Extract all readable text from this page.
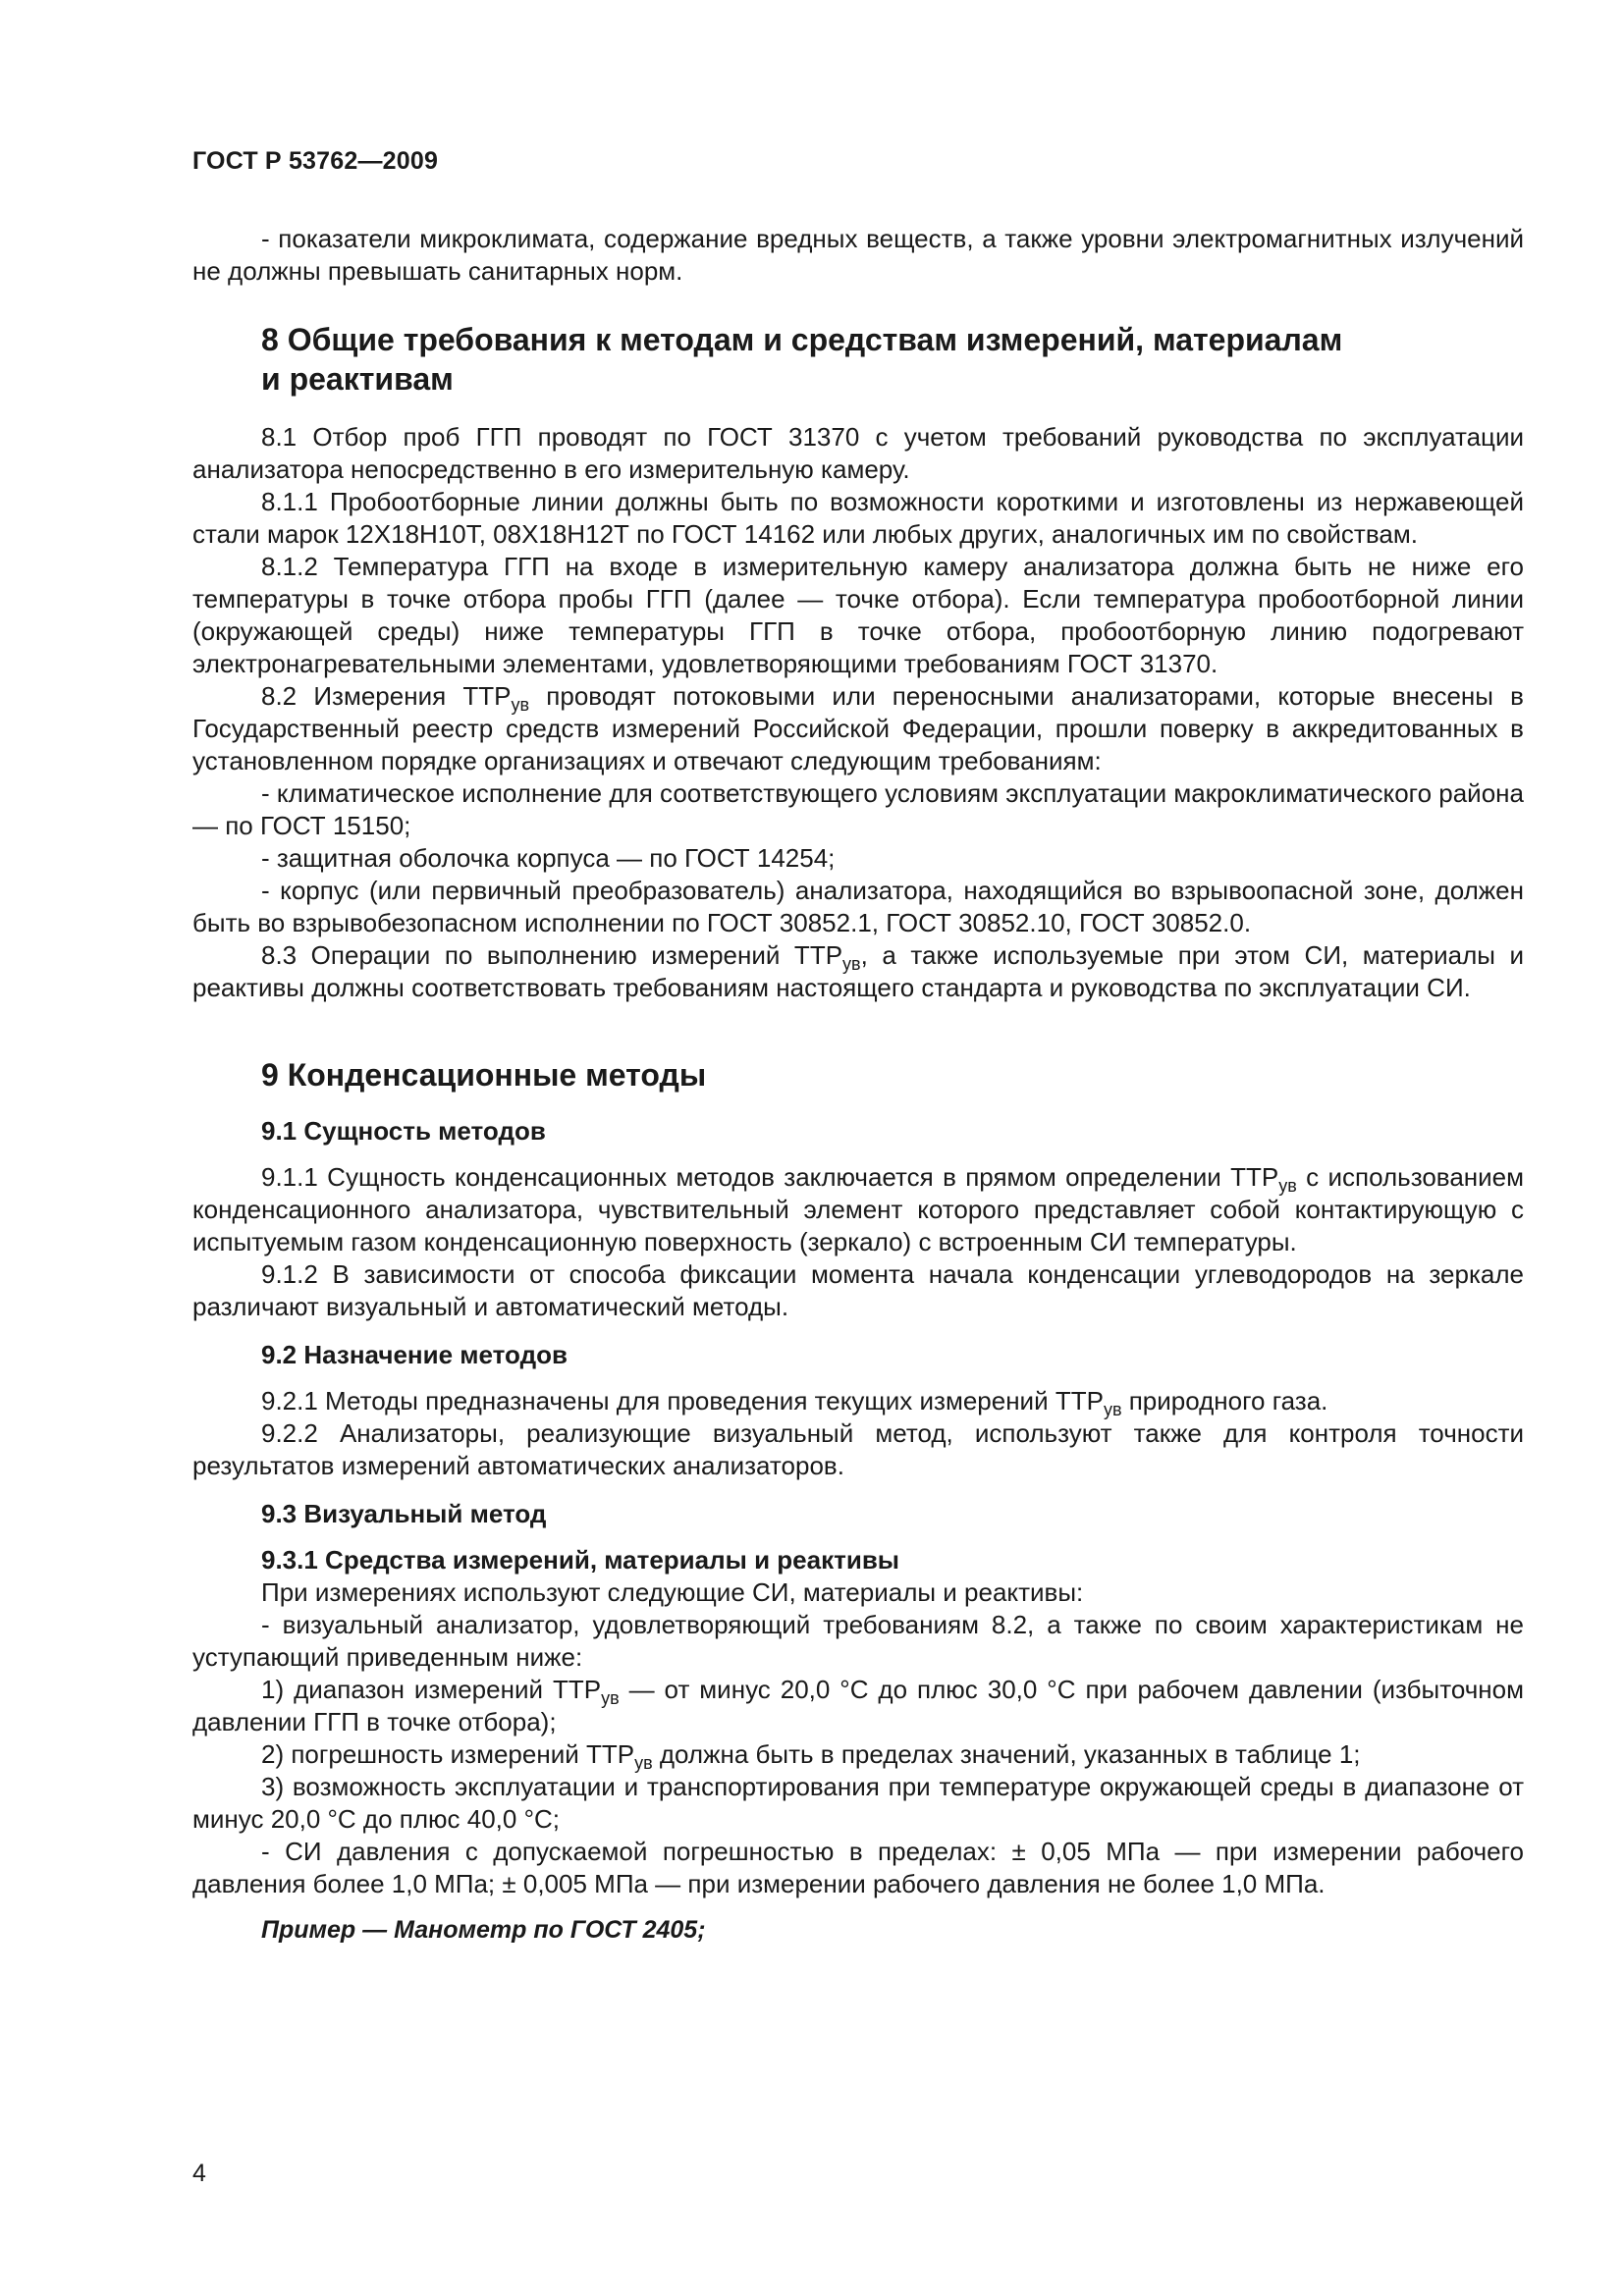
ГОСТ Р 53762—2009

- показатели микроклимата, содержание вредных веществ, а также уровни электромагнитных излучений не должны превышать санитарных норм.

8 Общие требования к методам и средствам измерений, материалам
и реактивам

8.1 Отбор проб ГГП проводят по ГОСТ 31370 с учетом требований руководства по эксплуатации анализатора непосредственно в его измерительную камеру.

8.1.1 Пробоотборные линии должны быть по возможности короткими и изготовлены из нержавеющей стали марок 12Х18Н10Т, 08Х18Н12Т по ГОСТ 14162 или любых других, аналогичных им по свойствам.

8.1.2 Температура ГГП на входе в измерительную камеру анализатора должна быть не ниже его температуры в точке отбора пробы ГГП (далее — точке отбора). Если температура пробоотборной линии (окружающей среды) ниже температуры ГГП в точке отбора, пробоотборную линию подогревают электронагревательными элементами, удовлетворяющими требованиям ГОСТ 31370.

8.2 Измерения $ТТР_{ув}$ проводят потоковыми или переносными анализаторами, которые внесены в Государственный реестр средств измерений Российской Федерации, прошли поверку в аккредитованных в установленном порядке организациях и отвечают следующим требованиям:

- климатическое исполнение для соответствующего условиям эксплуатации макроклиматического района — по ГОСТ 15150;

- защитная оболочка корпуса — по ГОСТ 14254;

- корпус (или первичный преобразователь) анализатора, находящийся во взрывоопасной зоне, должен быть во взрывобезопасном исполнении по ГОСТ 30852.1, ГОСТ 30852.10, ГОСТ 30852.0.

8.3 Операции по выполнению измерений $ТТР_{ув}$, а также используемые при этом СИ, материалы и реактивы должны соответствовать требованиям настоящего стандарта и руководства по эксплуатации СИ.

9 Конденсационные методы
9.1 Сущность методов

9.1.1 Сущность конденсационных методов заключается в прямом определении $ТТР_{ув}$ с использованием конденсационного анализатора, чувствительный элемент которого представляет собой контактирующую с испытуемым газом конденсационную поверхность (зеркало) с встроенным СИ температуры.

9.1.2 В зависимости от способа фиксации момента начала конденсации углеводородов на зеркале различают визуальный и автоматический методы.

9.2 Назначение методов

9.2.1 Методы предназначены для проведения текущих измерений $ТТР_{ув}$ природного газа.

9.2.2 Анализаторы, реализующие визуальный метод, используют также для контроля точности результатов измерений автоматических анализаторов.

9.3 Визуальный метод
9.3.1 Средства измерений, материалы и реактивы

При измерениях используют следующие СИ, материалы и реактивы:

- визуальный анализатор, удовлетворяющий требованиям 8.2, а также по своим характеристикам не уступающий приведенным ниже:

1) диапазон измерений $ТТР_{ув}$ — от минус 20,0 °С до плюс 30,0 °С при рабочем давлении (избыточном давлении ГГП в точке отбора);

2) погрешность измерений $ТТР_{ув}$ должна быть в пределах значений, указанных в таблице 1;

3) возможность эксплуатации и транспортирования при температуре окружающей среды в диапазоне от минус 20,0 °С до плюс 40,0 °С;

- СИ давления с допускаемой погрешностью в пределах: ± 0,05 МПа — при измерении рабочего давления более 1,0 МПа; ± 0,005 МПа — при измерении рабочего давления не более 1,0 МПа.

Пример — Манометр по ГОСТ 2405;
4
